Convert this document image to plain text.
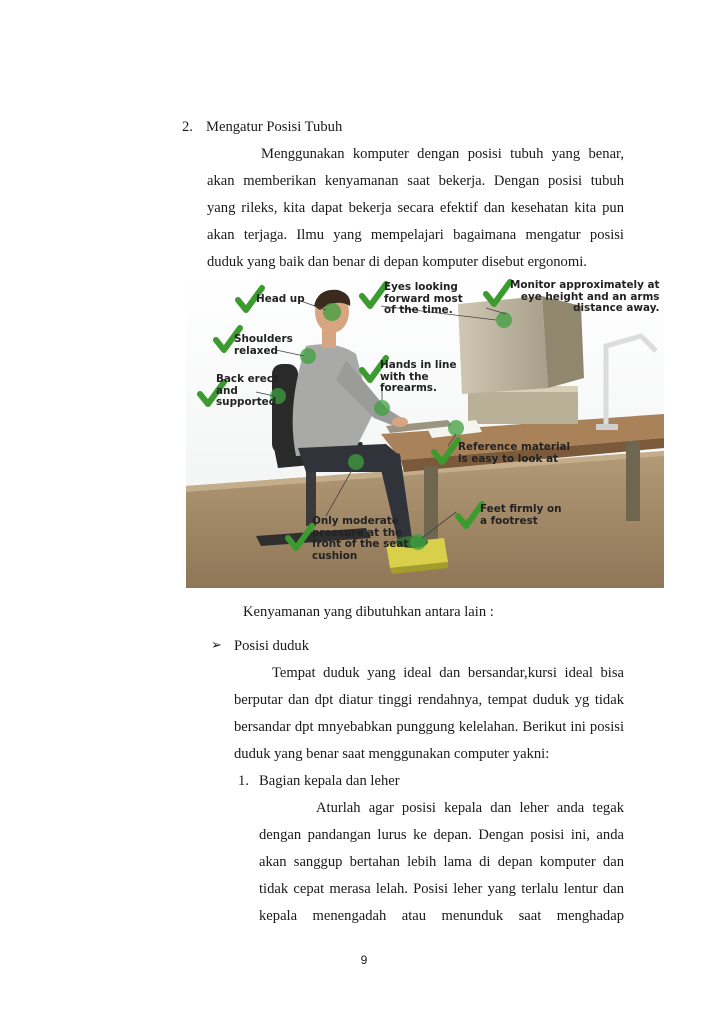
2. Mengatur Posisi Tubuh
Menggunakan komputer dengan posisi tubuh yang benar,
akan memberikan kenyamanan saat bekerja. Dengan posisi tubuh
yang rileks, kita dapat bekerja secara efektif dan kesehatan kita pun
akan terjaga. Ilmu yang mempelajari bagaimana mengatur posisi
duduk yang baik dan benar di depan komputer disebut ergonomi.
Head up
Shoulders
relaxed
Back erect
and
supported
Eyes looking
forward most
of the time.
Monitor approximately at
eye height and an arms
distance away.
Hands in line
with the
forearms.
Reference material
is easy to look at
Only moderate
pressure at the
front of the seat
cushion
Feet firmly on
a footrest
Kenyamanan yang dibutuhkan antara lain :
➢ Posisi duduk
Tempat duduk yang ideal dan bersandar,kursi ideal bisa
berputar dan dpt diatur tinggi rendahnya, tempat duduk yg tidak
bersandar dpt mnyebabkan punggung kelelahan. Berikut ini posisi
duduk yang benar saat menggunakan computer yakni:
1. Bagian kepala dan leher
Aturlah agar posisi kepala dan leher anda tegak
dengan pandangan lurus ke depan. Dengan posisi ini, anda
akan sanggup bertahan lebih lama di depan komputer dan
tidak cepat merasa lelah. Posisi leher yang terlalu lentur dan
kepala menengadah atau menunduk saat menghadap
9
